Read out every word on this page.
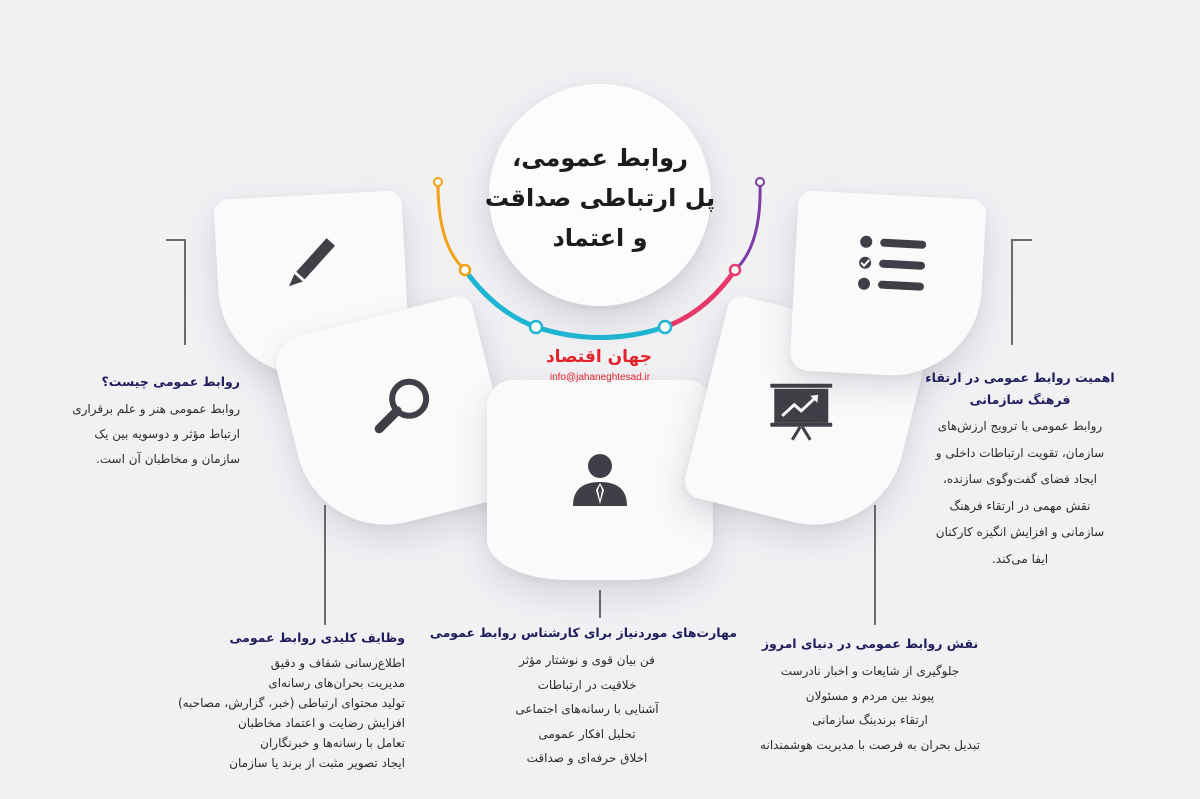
روابط عمومی،
پل ارتباطی صداقت
و اعتماد
جهان اقتصاد
info@jahaneghtesad.ir
روابط عمومی چیست؟
روابط عمومی هنر و علم برقراری
ارتباط مؤثر و دوسویه بین یک
سازمان و مخاطبان آن است.
اهمیت روابط عمومی در ارتقاء فرهنگ سازمانی
روابط عمومی با ترویج ارزش‌های
سازمان، تقویت ارتباطات داخلی و
ایجاد فضای گفت‌وگوی سازنده،
نقش مهمی در ارتقاء فرهنگ
سازمانی و افزایش انگیزه کارکنان
ایفا می‌کند.
وظایف کلیدی روابط عمومی
اطلاع‌رسانی شفاف و دقیق
مدیریت بحران‌های رسانه‌ای
تولید محتوای ارتباطی (خبر، گزارش، مصاحبه)
افزایش رضایت و اعتماد مخاطبان
تعامل با رسانه‌ها و خبرنگاران
ایجاد تصویر مثبت از برند یا سازمان
مهارت‌های موردنیاز برای کارشناس روابط عمومی
فن بیان قوی و نوشتار مؤثر
خلاقیت در ارتباطات
آشنایی با رسانه‌های اجتماعی
تحلیل افکار عمومی
اخلاق حرفه‌ای و صداقت
نقش روابط عمومی در دنیای امروز
جلوگیری از شایعات و اخبار نادرست
پیوند بین مردم و مسئولان
ارتقاء برندینگ سازمانی
تبدیل بحران به فرصت با مدیریت هوشمندانه
